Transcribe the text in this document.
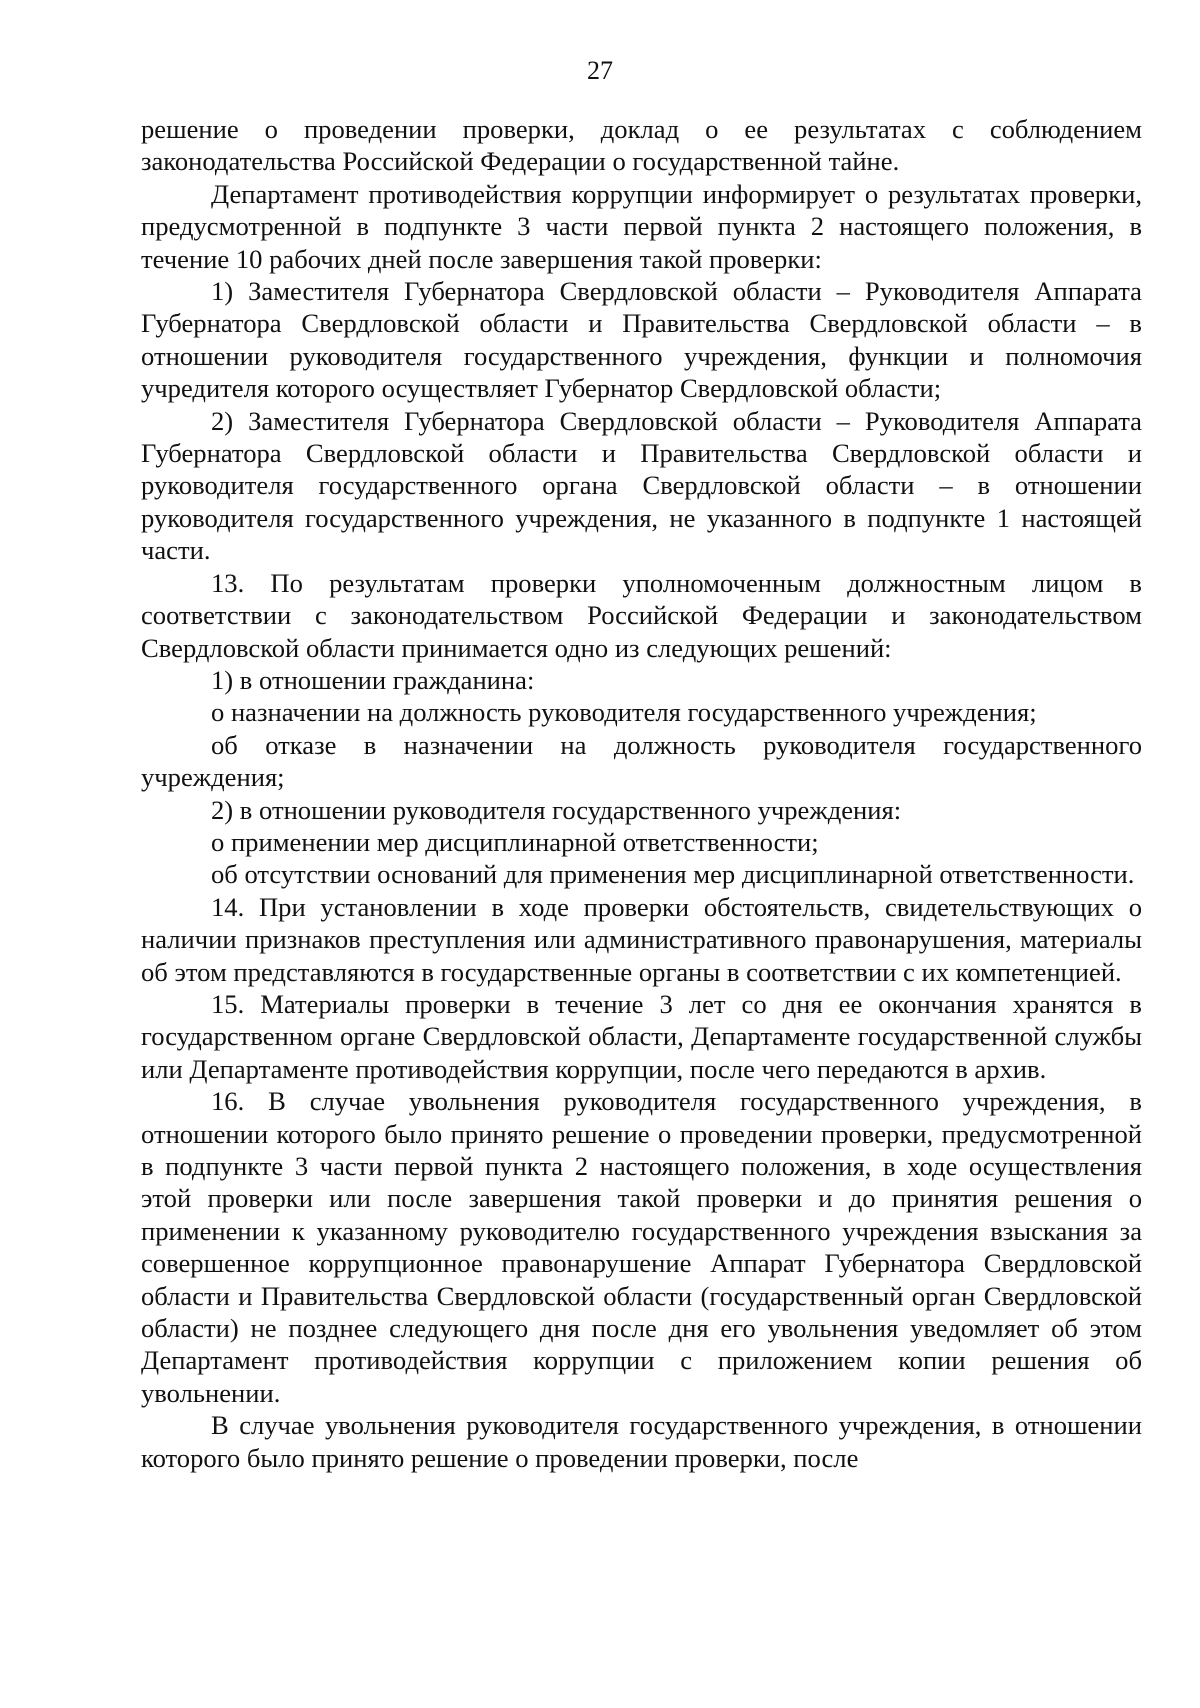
27

решение о проведении проверки, доклад о ее результатах с соблюдением законодательства Российской Федерации о государственной тайне.

Департамент противодействия коррупции информирует о результатах проверки, предусмотренной в подпункте 3 части первой пункта 2 настоящего положения, в течение 10 рабочих дней после завершения такой проверки:

1) Заместителя Губернатора Свердловской области – Руководителя Аппарата Губернатора Свердловской области и Правительства Свердловской области – в отношении руководителя государственного учреждения, функции и полномочия учредителя которого осуществляет Губернатор Свердловской области;

2) Заместителя Губернатора Свердловской области – Руководителя Аппарата Губернатора Свердловской области и Правительства Свердловской области и руководителя государственного органа Свердловской области – в отношении руководителя государственного учреждения, не указанного в подпункте 1 настоящей части.

13. По результатам проверки уполномоченным должностным лицом в соответствии с законодательством Российской Федерации и законодательством Свердловской области принимается одно из следующих решений:

1) в отношении гражданина:

о назначении на должность руководителя государственного учреждения;

об отказе в назначении на должность руководителя государственного учреждения;

2) в отношении руководителя государственного учреждения:

о применении мер дисциплинарной ответственности;

об отсутствии оснований для применения мер дисциплинарной ответственности.

14. При установлении в ходе проверки обстоятельств, свидетельствующих о наличии признаков преступления или административного правонарушения, материалы об этом представляются в государственные органы в соответствии с их компетенцией.

15. Материалы проверки в течение 3 лет со дня ее окончания хранятся в государственном органе Свердловской области, Департаменте государственной службы или Департаменте противодействия коррупции, после чего передаются в архив.

16. В случае увольнения руководителя государственного учреждения, в отношении которого было принято решение о проведении проверки, предусмотренной в подпункте 3 части первой пункта 2 настоящего положения, в ходе осуществления этой проверки или после завершения такой проверки и до принятия решения о применении к указанному руководителю государственного учреждения взыскания за совершенное коррупционное правонарушение Аппарат Губернатора Свердловской области и Правительства Свердловской области (государственный орган Свердловской области) не позднее следующего дня после дня его увольнения уведомляет об этом Департамент противодействия коррупции с приложением копии решения об увольнении.

В случае увольнения руководителя государственного учреждения, в отношении которого было принято решение о проведении проверки, после
